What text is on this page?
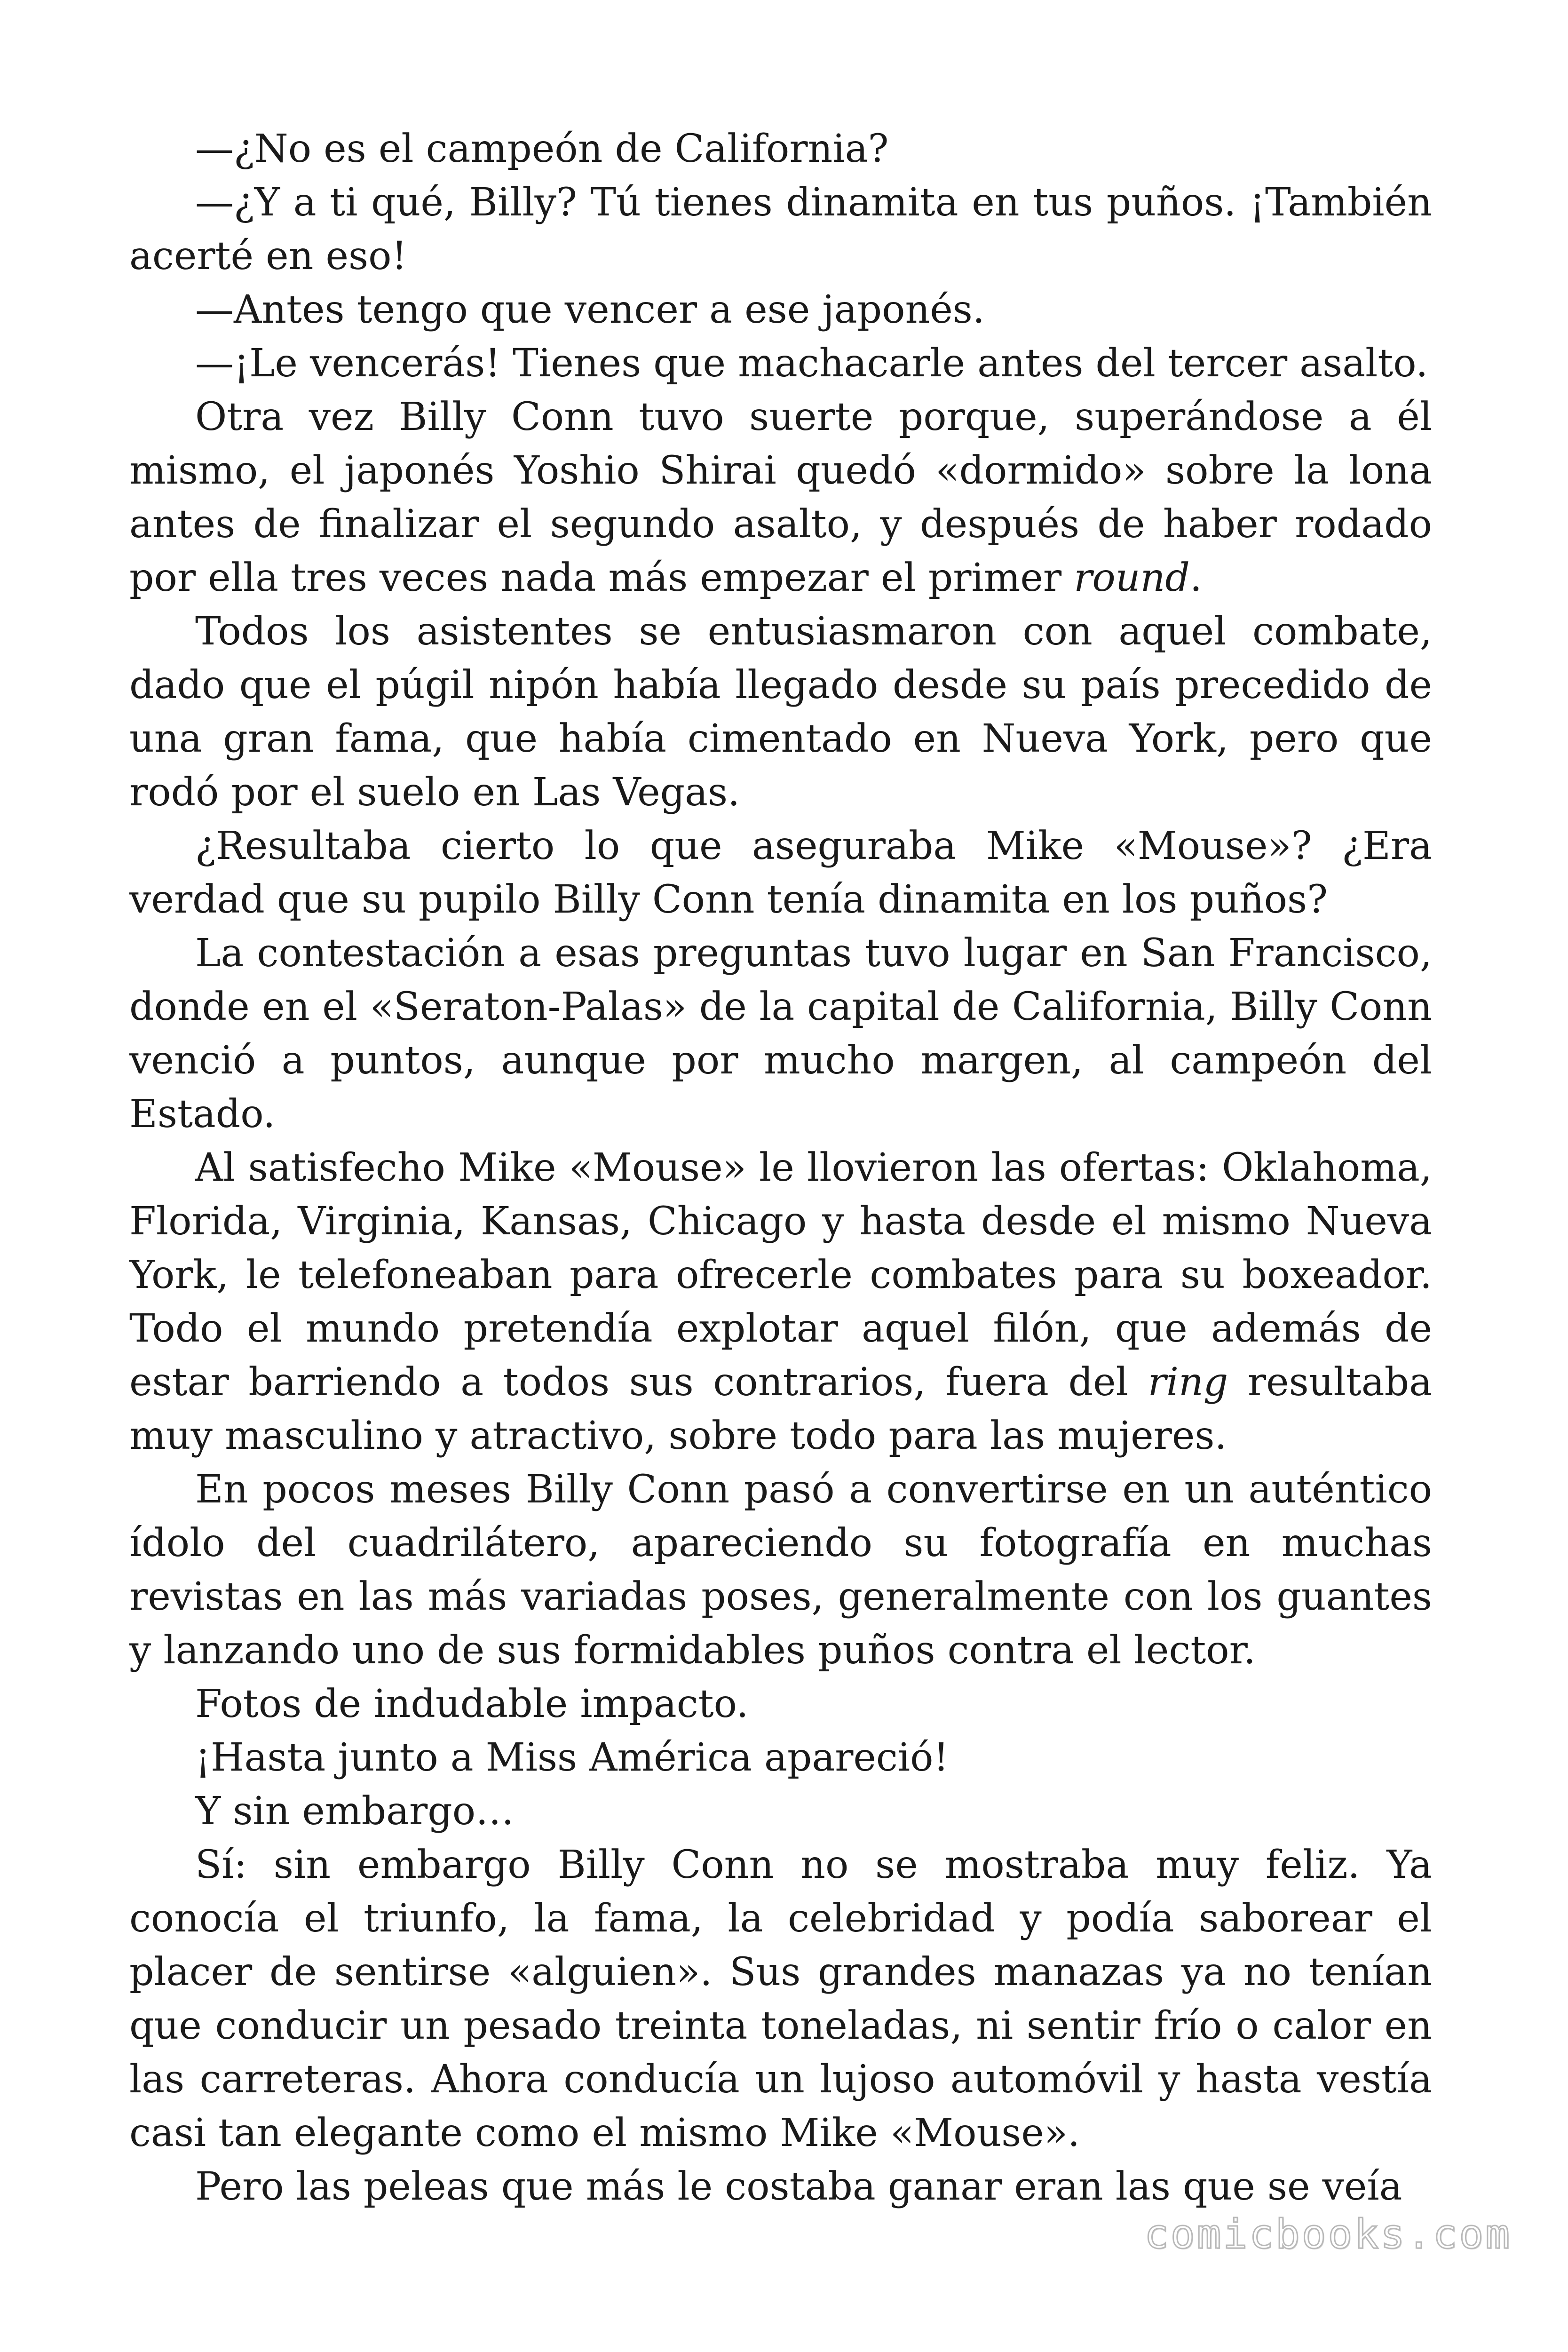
—¿No es el campeón de California?

—¿Y a ti qué, Billy? Tú tienes dinamita en tus puños. ¡También acerté en eso!

—Antes tengo que vencer a ese japonés.

—¡Le vencerás! Tienes que machacarle antes del tercer asalto.

Otra vez Billy Conn tuvo suerte porque, superándose a él mismo, el japonés Yoshio Shirai quedó «dormido» sobre la lona antes de finalizar el segundo asalto, y después de haber rodado por ella tres veces nada más empezar el primer round.

Todos los asistentes se entusiasmaron con aquel combate, dado que el púgil nipón había llegado desde su país precedido de una gran fama, que había cimentado en Nueva York, pero que rodó por el suelo en Las Vegas.

¿Resultaba cierto lo que aseguraba Mike «Mouse»? ¿Era verdad que su pupilo Billy Conn tenía dinamita en los puños?

La contestación a esas preguntas tuvo lugar en San Francisco, donde en el «Seraton-Palas» de la capital de California, Billy Conn venció a puntos, aunque por mucho margen, al campeón del Estado.

Al satisfecho Mike «Mouse» le llovieron las ofertas: Oklahoma, Florida, Virginia, Kansas, Chicago y hasta desde el mismo Nueva York, le telefoneaban para ofrecerle combates para su boxeador. Todo el mundo pretendía explotar aquel filón, que además de estar barriendo a todos sus contrarios, fuera del ring resultaba muy masculino y atractivo, sobre todo para las mujeres.

En pocos meses Billy Conn pasó a convertirse en un auténtico ídolo del cuadrilátero, apareciendo su fotografía en muchas revistas en las más variadas poses, generalmente con los guantes y lanzando uno de sus formidables puños contra el lector.

Fotos de indudable impacto.

¡Hasta junto a Miss América apareció!

Y sin embargo…

Sí: sin embargo Billy Conn no se mostraba muy feliz. Ya conocía el triunfo, la fama, la celebridad y podía saborear el placer de sentirse «alguien». Sus grandes manazas ya no tenían que conducir un pesado treinta toneladas, ni sentir frío o calor en las carreteras. Ahora conducía un lujoso automóvil y hasta vestía casi tan elegante como el mismo Mike «Mouse».

Pero las peleas que más le costaba ganar eran las que se veía

comicbooks.com
